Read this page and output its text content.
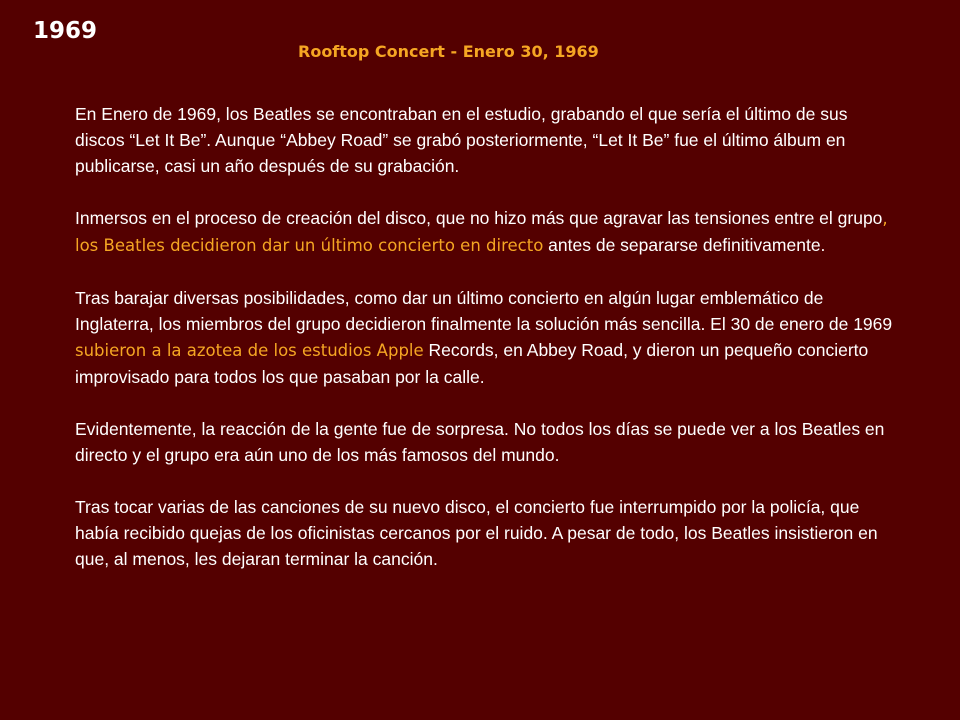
1969
Rooftop Concert - Enero 30, 1969

En Enero de 1969, los Beatles se encontraban en el estudio, grabando el que sería el último de sus discos “Let It Be”. Aunque “Abbey Road” se grabó posteriormente, “Let It Be” fue el último álbum en publicarse, casi un año después de su grabación.

Inmersos en el proceso de creación del disco, que no hizo más que agravar las tensiones entre el grupo, los Beatles decidieron dar un último concierto en directo antes de separarse definitivamente.

Tras barajar diversas posibilidades, como dar un último concierto en algún lugar emblemático de Inglaterra, los miembros del grupo decidieron finalmente la solución más sencilla. El 30 de enero de 1969 subieron a la azotea de los estudios Apple Records, en Abbey Road, y dieron un pequeño concierto improvisado para todos los que pasaban por la calle.

Evidentemente, la reacción de la gente fue de sorpresa. No todos los días se puede ver a los Beatles en directo y el grupo era aún uno de los más famosos del mundo.

Tras tocar varias de las canciones de su nuevo disco, el concierto fue interrumpido por la policía, que había recibido quejas de los oficinistas cercanos por el ruido. A pesar de todo, los Beatles insistieron en que, al menos, les dejaran terminar la canción.
